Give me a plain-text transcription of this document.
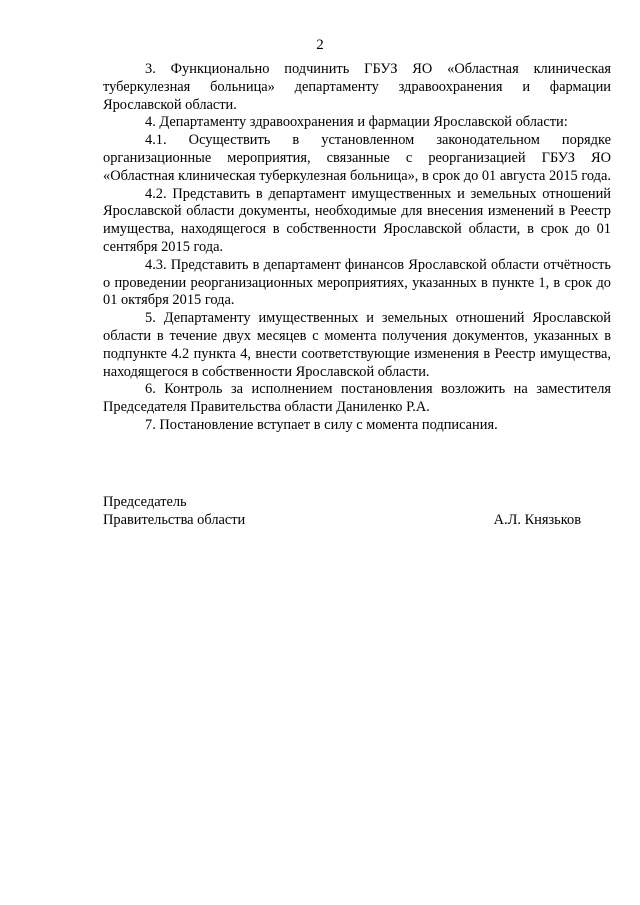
2

3. Функционально подчинить ГБУЗ ЯО «Областная клиническая туберкулезная больница» департаменту здравоохранения и фармации Ярославской области.

4. Департаменту здравоохранения и фармации Ярославской области:

4.1. Осуществить в установленном законодательном порядке организационные мероприятия, связанные с реорганизацией ГБУЗ ЯО «Областная клиническая туберкулезная больница», в срок до 01 августа 2015 года.

4.2. Представить в департамент имущественных и земельных отношений Ярославской области документы, необходимые для внесения изменений в Реестр имущества, находящегося в собственности Ярославской области, в срок до 01 сентября 2015 года.

4.3. Представить в департамент финансов Ярославской области отчётность о проведении реорганизационных мероприятиях, указанных в пункте 1, в срок до 01 октября 2015 года.

5. Департаменту имущественных и земельных отношений Ярославской области в течение двух месяцев с момента получения документов, указанных в подпункте 4.2 пункта 4, внести соответствующие изменения в Реестр имущества, находящегося в собственности Ярославской области.

6. Контроль за исполнением постановления возложить на заместителя Председателя Правительства области Даниленко Р.А.

7. Постановление вступает в силу с момента подписания.

Председатель
Правительства области	А.Л. Князьков
